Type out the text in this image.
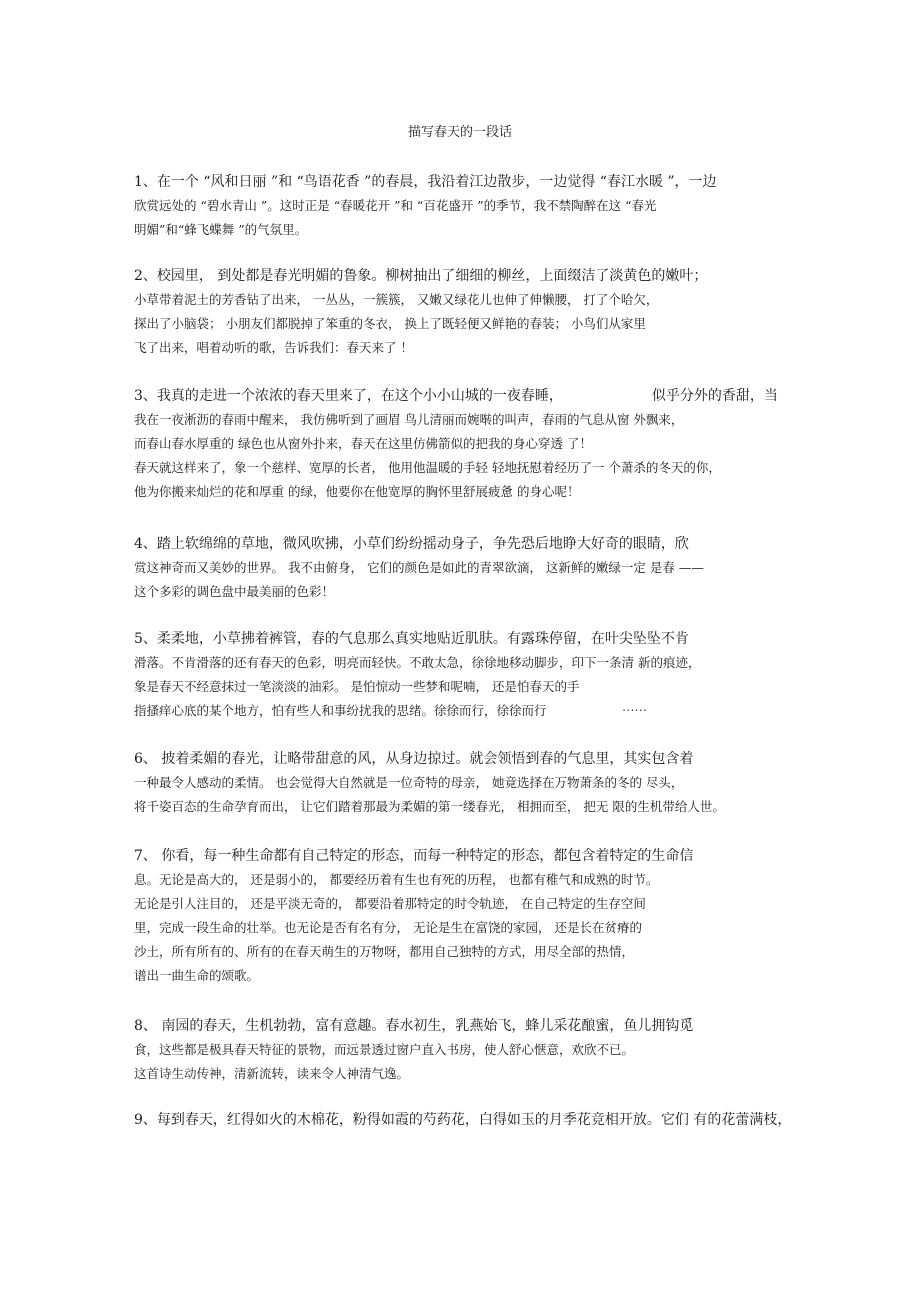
描写春天的一段话
1、在一个 “风和日丽 ”和 “鸟语花香 ”的春晨，我沿着江边散步，一边觉得 “春江水暖 ”，一边
欣赏远处的 “碧水青山 ”。这时正是 “春暖花开 ”和 “百花盛开 ”的季节，我不禁陶醉在这 “春光
明媚”和“蜂飞蝶舞 ”的气氛里。
2、校园里， 到处都是春光明媚的鲁象。柳树抽出了细细的柳丝，上面缀洁了淡黄色的嫩叶；
小草带着泥土的芳香钻了出来， 一丛丛，一簇簇， 又嫩又绿花儿也伸了伸懒腰， 打了个哈欠，
探出了小脑袋； 小朋友们都脱掉了笨重的冬衣， 换上了既轻便又鲜艳的春装； 小鸟们从家里
飞了出来，唱着动听的歌，告诉我们：春天来了 ！
3、我真的走进一个浓浓的春天里来了，在这个小小山城的一夜春睡，                    似乎分外的香甜，当
我在一夜淅沥的春雨中醒来， 我仿佛听到了画眉 鸟儿清丽而婉啭的叫声，春雨的气息从窗 外飘来，
而春山春水厚重的 绿色也从窗外扑来，春天在这里仿佛箭似的把我的身心穿透 了！
春天就这样来了，象一个慈样、宽厚的长者， 他用他温暖的手轻 轻地抚慰着经历了一 个萧杀的冬天的你，
他为你搬来灿烂的花和厚重 的绿，他要你在他宽厚的胸怀里舒展疲惫 的身心呢！
4、踏上软绵绵的草地，微风吹拂，小草们纷纷摇动身子，争先恐后地睁大好奇的眼睛，欣
赏这神奇而又美妙的世界。 我不由俯身， 它们的颜色是如此的青翠欲滴， 这新鲜的嫩绿一定 是春 ——
这个多彩的调色盘中最美丽的色彩！
5、柔柔地，小草拂着裤管，春的气息那么真实地贴近肌肤。有露珠停留，在叶尖坠坠不肯
滑落。不肯滑落的还有春天的色彩，明亮而轻快。不敢太急，徐徐地移动脚步，印下一条清 新的痕迹，
象是春天不经意抹过一笔淡淡的油彩。 是怕惊动一些梦和呢喃， 还是怕春天的手
指搔痒心底的某个地方，怕有些人和事纷扰我的思绪。徐徐而行，徐徐而行                   ⋯⋯
6、 披着柔媚的春光，让略带甜意的风，从身边掠过。就会领悟到春的气息里，其实包含着
一种最令人感动的柔情。 也会觉得大自然就是一位奇特的母亲， 她竟选择在万物萧条的冬的 尽头，
将千姿百态的生命孕育而出， 让它们踏着那最为柔媚的第一缕春光， 相拥而至， 把无 限的生机带给人世。
7、 你看，每一种生命都有自己特定的形态，而每一种特定的形态，都包含着特定的生命信
息。无论是高大的， 还是弱小的， 都要经历着有生也有死的历程， 也都有稚气和成熟的时节。
无论是引人注目的， 还是平淡无奇的， 都要沿着那特定的时令轨迹， 在自己特定的生存空间
里，完成一段生命的壮举。也无论是否有名有分， 无论是生在富饶的家园， 还是长在贫瘠的
沙土，所有所有的、所有的在春天萌生的万物呀，都用自己独特的方式，用尽全部的热情，
谱出一曲生命的颂歌。
8、 南园的春天，生机勃勃，富有意趣。春水初生，乳燕始飞，蜂儿采花酿蜜，鱼儿拥钩觅
食，这些都是极具春天特征的景物，而远景透过窗户直入书房，使人舒心惬意，欢欣不已。
这首诗生动传神，清新流转，读来令人神清气逸。
9、每到春天，红得如火的木棉花，粉得如霞的芍药花，白得如玉的月季花竞相开放。它们 有的花蕾满枝，
